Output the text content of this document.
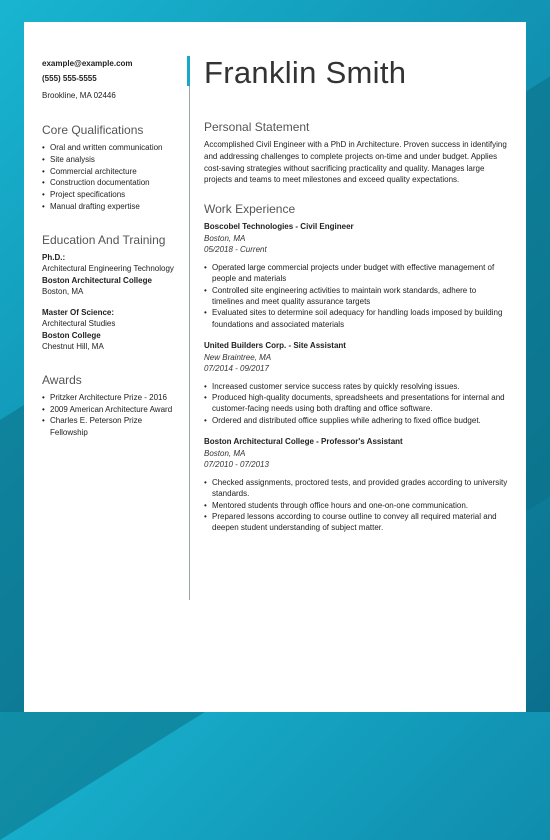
example@example.com
(555) 555-5555
Brookline, MA 02446
Core Qualifications
• Oral and written communication
• Site analysis
• Commercial architecture
• Construction documentation
• Project specifications
• Manual drafting expertise
Education And Training
Ph.D.:
Architectural Engineering Technology
Boston Architectural College
Boston, MA
Master Of Science:
Architectural Studies
Boston College
Chestnut Hill, MA
Awards
• Pritzker Architecture Prize - 2016
• 2009 American Architecture Award
• Charles E. Peterson Prize Fellowship
Franklin Smith
Personal Statement
Accomplished Civil Engineer with a PhD in Architecture. Proven success in identifying and addressing challenges to complete projects on-time and under budget. Applies cost-saving strategies without sacrificing practicality and quality. Manages large projects and teams to meet milestones and exceed quality expectations.
Work Experience
Boscobel Technologies - Civil Engineer
Boston, MA
05/2018 - Current
• Operated large commercial projects under budget with effective management of people and materials
• Controlled site engineering activities to maintain work standards, adhere to timelines and meet quality assurance targets
• Evaluated sites to determine soil adequacy for handling loads imposed by building foundations and associated materials
United Builders Corp. - Site Assistant
New Braintree, MA
07/2014 - 09/2017
• Increased customer service success rates by quickly resolving issues.
• Produced high-quality documents, spreadsheets and presentations for internal and customer-facing needs using both drafting and office software.
• Ordered and distributed office supplies while adhering to fixed office budget.
Boston Architectural College - Professor's Assistant
Boston, MA
07/2010 - 07/2013
• Checked assignments, proctored tests, and provided grades according to university standards.
• Mentored students through office hours and one-on-one communication.
• Prepared lessons according to course outline to convey all required material and deepen student understanding of subject matter.
